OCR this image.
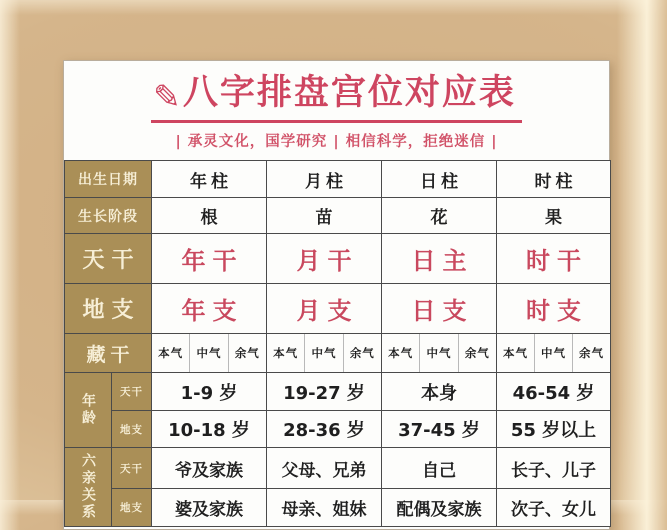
✎八字排盘宫位对应表
| 承灵文化，国学研究 | 相信科学，拒绝迷信 |
出生日期	年柱	月柱	日柱	时柱
生长阶段	根	苗	花	果
天干	年干	月干	日主	时干
地支	年支	月支	日支	时支
藏干	本气	中气	余气	本气	中气	余气	本气	中气	余气	本气	中气	余气
年龄
天干	1-9 岁	19-27 岁	本身	46-54 岁
地支	10-18 岁	28-36 岁	37-45 岁	55 岁以上
六亲关系	天干	爷及家族	父母、兄弟	自己	长子、儿子
地支	婆及家族	母亲、姐妹	配偶及家族	次子、女儿
